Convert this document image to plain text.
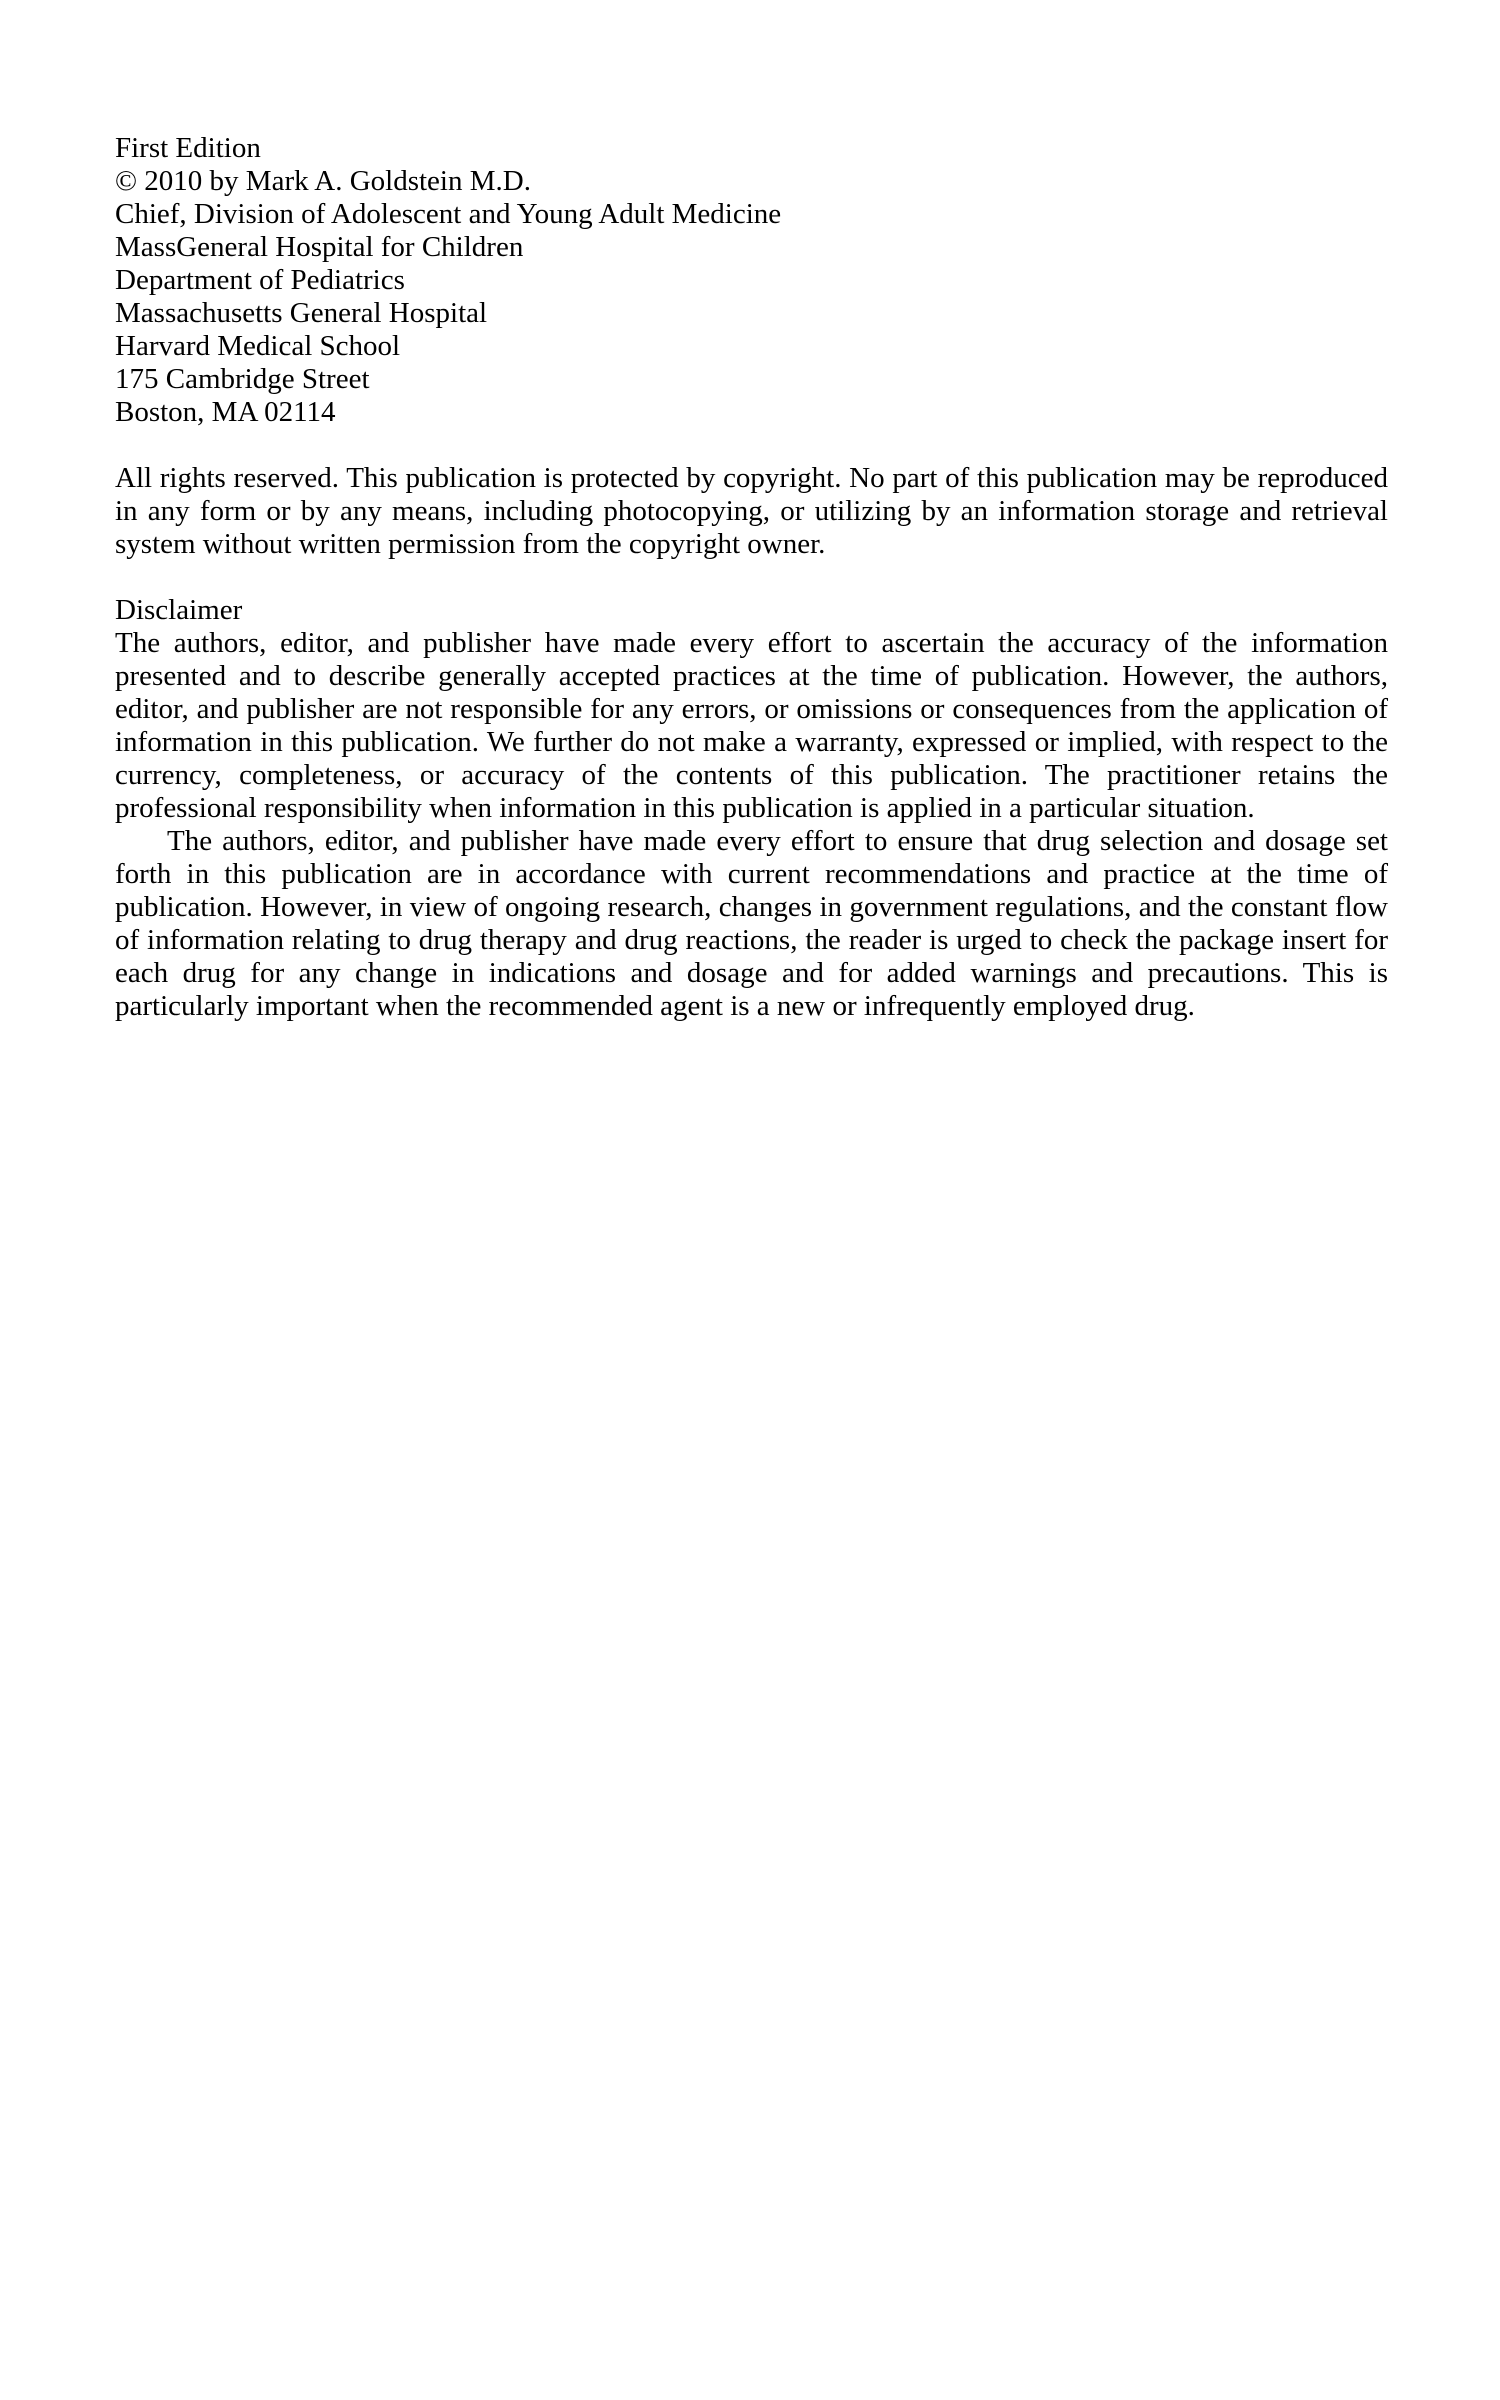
First Edition
© 2010 by Mark A. Goldstein M.D.
Chief, Division of Adolescent and Young Adult Medicine
MassGeneral Hospital for Children
Department of Pediatrics
Massachusetts General Hospital
Harvard Medical School
175 Cambridge Street
Boston, MA 02114

All rights reserved. This publication is protected by copyright. No part of this publication may be reproduced in any form or by any means, including photocopying, or utilizing by an information storage and retrieval system without written permission from the copyright owner.

Disclaimer

The authors, editor, and publisher have made every effort to ascertain the accuracy of the information presented and to describe generally accepted practices at the time of publication. However, the authors, editor, and publisher are not responsible for any errors, or omissions or consequences from the application of information in this publication. We further do not make a warranty, expressed or implied, with respect to the currency, completeness, or accuracy of the contents of this publication. The practitioner retains the professional responsibility when information in this publication is applied in a particular situation.

The authors, editor, and publisher have made every effort to ensure that drug selection and dosage set forth in this publication are in accordance with current recommendations and practice at the time of publication. However, in view of ongoing research, changes in government regulations, and the constant flow of information relating to drug therapy and drug reactions, the reader is urged to check the package insert for each drug for any change in indications and dosage and for added warnings and precautions. This is particularly important when the recommended agent is a new or infrequently employed drug.
